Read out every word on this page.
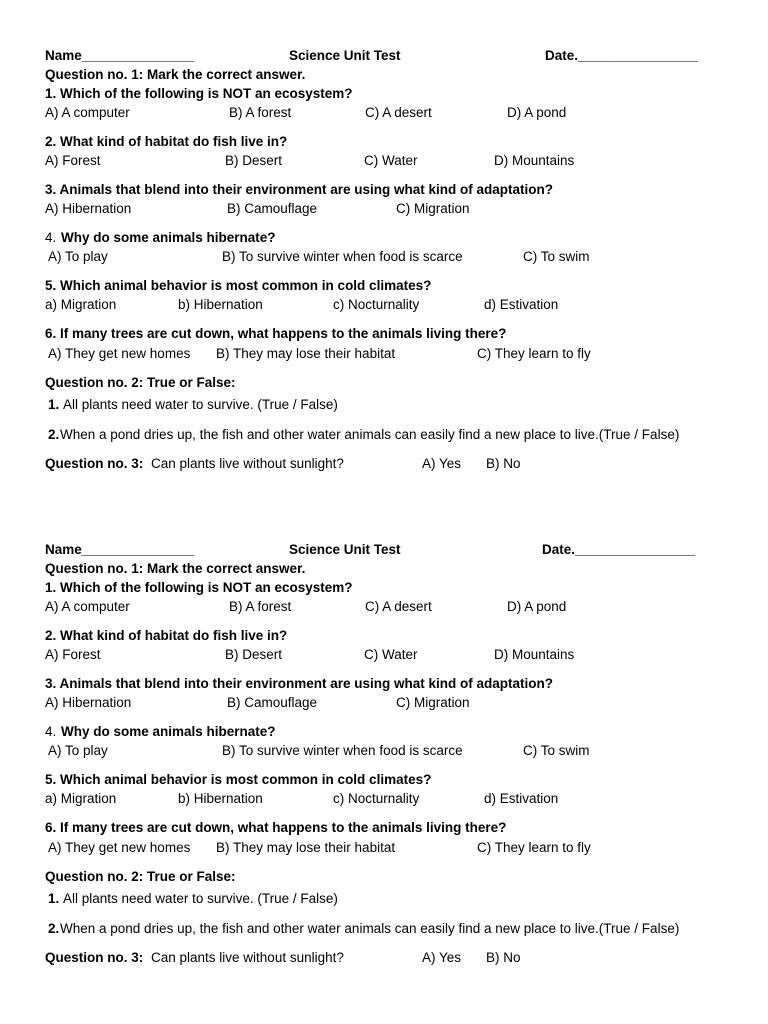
Name_______________	Science Unit Test	Date.________________
Question no. 1: Mark the correct answer.
1. Which of the following is NOT an ecosystem?
A) A computer	B) A forest	C) A desert	D) A pond
2. What kind of habitat do fish live in?
A) Forest	B) Desert	C) Water	D) Mountains
3. Animals that blend into their environment are using what kind of adaptation?
A) Hibernation	B) Camouflage	C) Migration
4. Why do some animals hibernate?
A) To play	B) To survive winter when food is scarce	C) To swim
5. Which animal behavior is most common in cold climates?
a) Migration	b) Hibernation	c) Nocturnality	d) Estivation
6. If many trees are cut down, what happens to the animals living there?
A) They get new homes B) They may lose their habitat	C) They learn to fly
Question no. 2: True or False:
1. All plants need water to survive. (True / False)
2. When a pond dries up, the fish and other water animals can easily find a new place to live.(True / False)
Question no. 3: Can plants live without sunlight?	A) Yes B) No
Name_______________	Science Unit Test	Date.________________
Question no. 1: Mark the correct answer.
1. Which of the following is NOT an ecosystem?
A) A computer	B) A forest	C) A desert	D) A pond
2. What kind of habitat do fish live in?
A) Forest	B) Desert	C) Water	D) Mountains
3. Animals that blend into their environment are using what kind of adaptation?
A) Hibernation	B) Camouflage	C) Migration
4. Why do some animals hibernate?
A) To play	B) To survive winter when food is scarce	C) To swim
5. Which animal behavior is most common in cold climates?
a) Migration	b) Hibernation	c) Nocturnality	d) Estivation
6. If many trees are cut down, what happens to the animals living there?
A) They get new homes B) They may lose their habitat	C) They learn to fly
Question no. 2: True or False:
1. All plants need water to survive. (True / False)
2. When a pond dries up, the fish and other water animals can easily find a new place to live.(True / False)
Question no. 3: Can plants live without sunlight?	A) Yes B) No
